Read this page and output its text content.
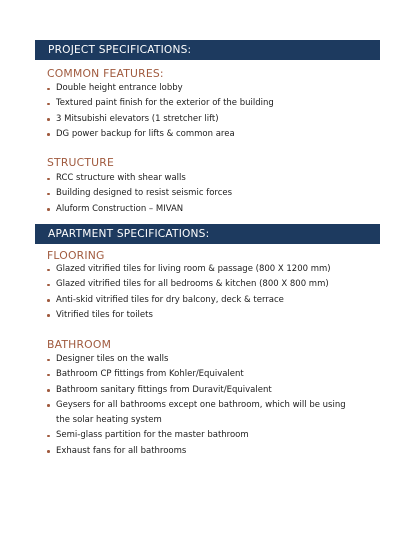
PROJECT SPECIFICATIONS:
COMMON FEATURES:
Double height entrance lobby
Textured paint finish for the exterior of the building
3 Mitsubishi elevators (1 stretcher lift)
DG power backup for lifts & common area
STRUCTURE
RCC structure with shear walls
Building designed to resist seismic forces
Aluform Construction – MIVAN
APARTMENT SPECIFICATIONS:
FLOORING
Glazed vitrified tiles for living room & passage (800 X 1200 mm)
Glazed vitrified tiles for all bedrooms & kitchen (800 X 800 mm)
Anti-skid vitrified tiles for dry balcony, deck & terrace
Vitrified tiles for toilets
BATHROOM
Designer tiles on the walls
Bathroom CP fittings from Kohler/Equivalent
Bathroom sanitary fittings from Duravit/Equivalent
Geysers for all bathrooms except one bathroom, which will be using
the solar heating system
Semi-glass partition for the master bathroom
Exhaust fans for all bathrooms
